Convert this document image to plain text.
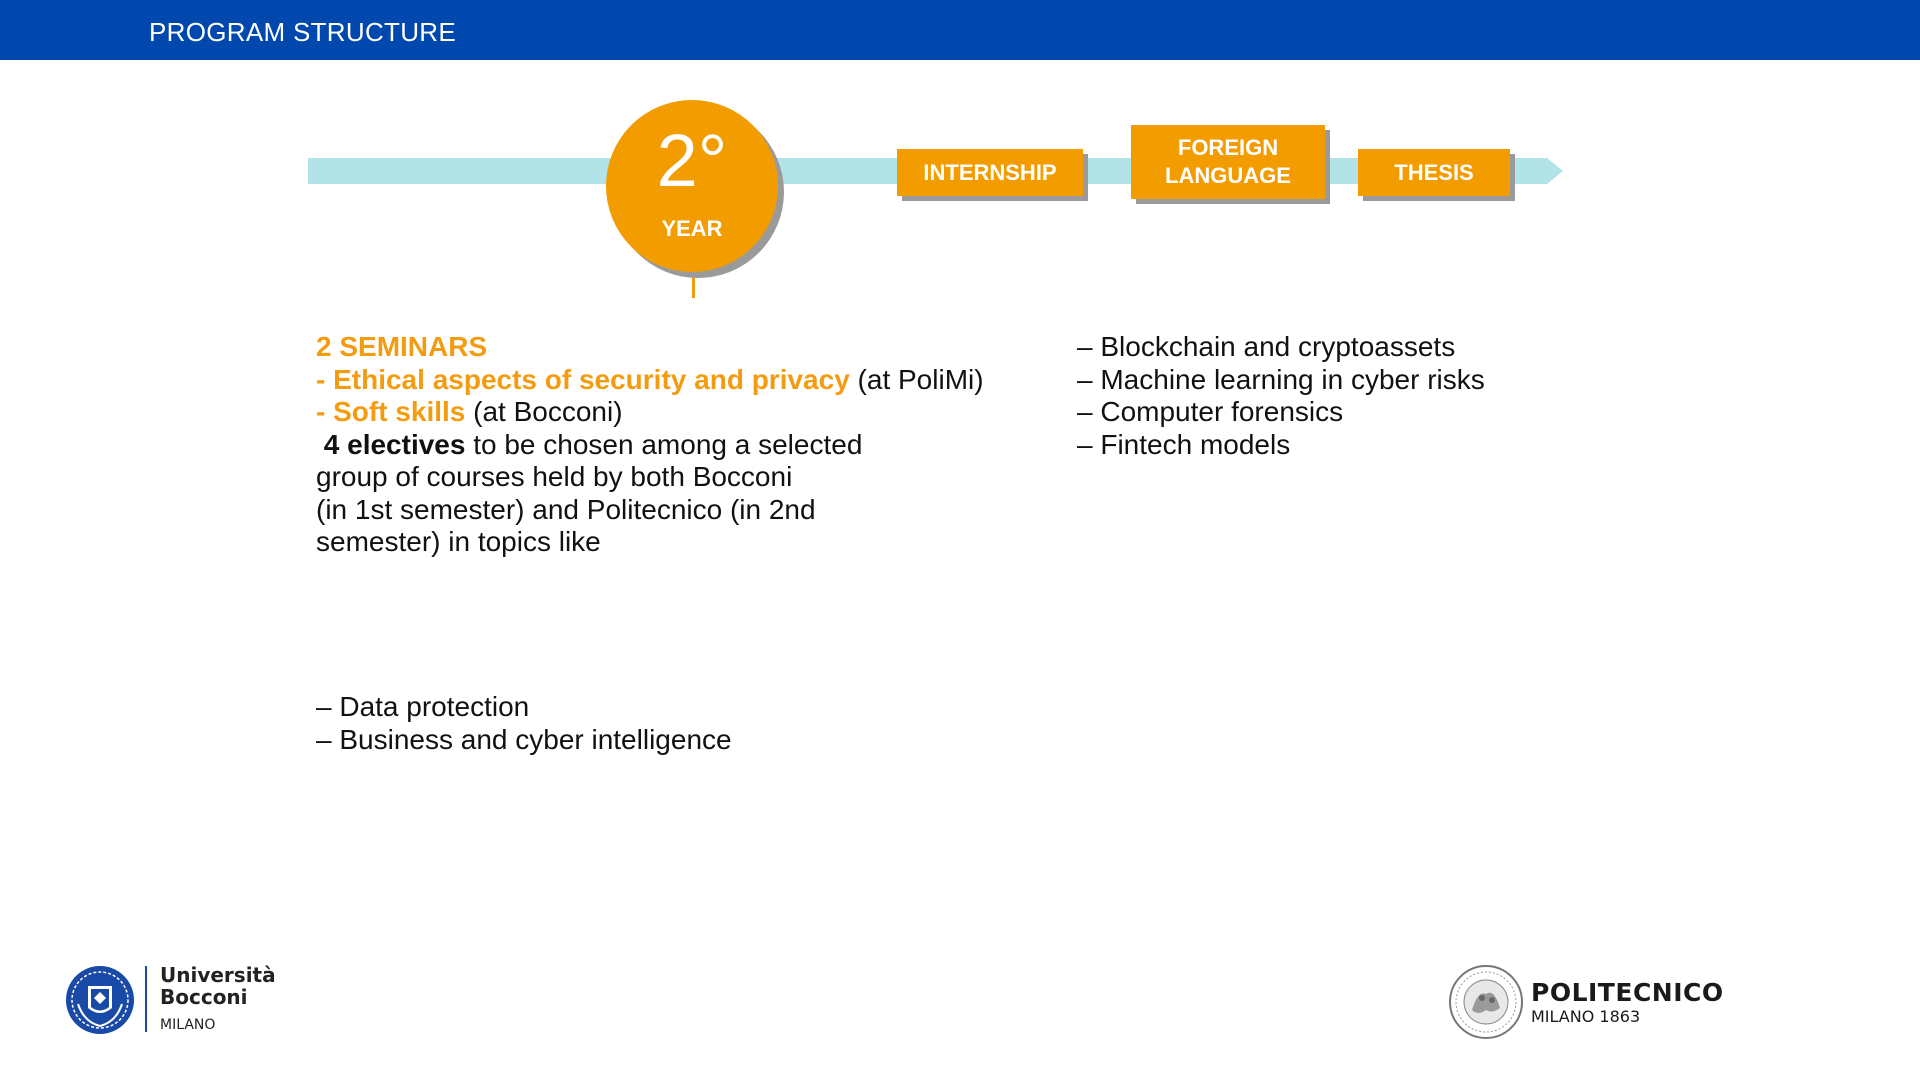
PROGRAM STRUCTURE
2°
YEAR
INTERNSHIP
FOREIGN
LANGUAGE	THESIS
2 SEMINARS
- Ethical aspects of security and privacy (at PoliMi)
- Soft skills (at Bocconi)
4 electives to be chosen among a selected
group of courses held by both Bocconi
(in 1st semester) and Politecnico (in 2nd
semester) in topics like
– Blockchain and cryptoassets
– Machine learning in cyber risks
– Computer forensics
– Fintech models
– Data protection
– Business and cyber intelligence
Università
Bocconi
MILANO
POLITECNICO
MILANO 1863
